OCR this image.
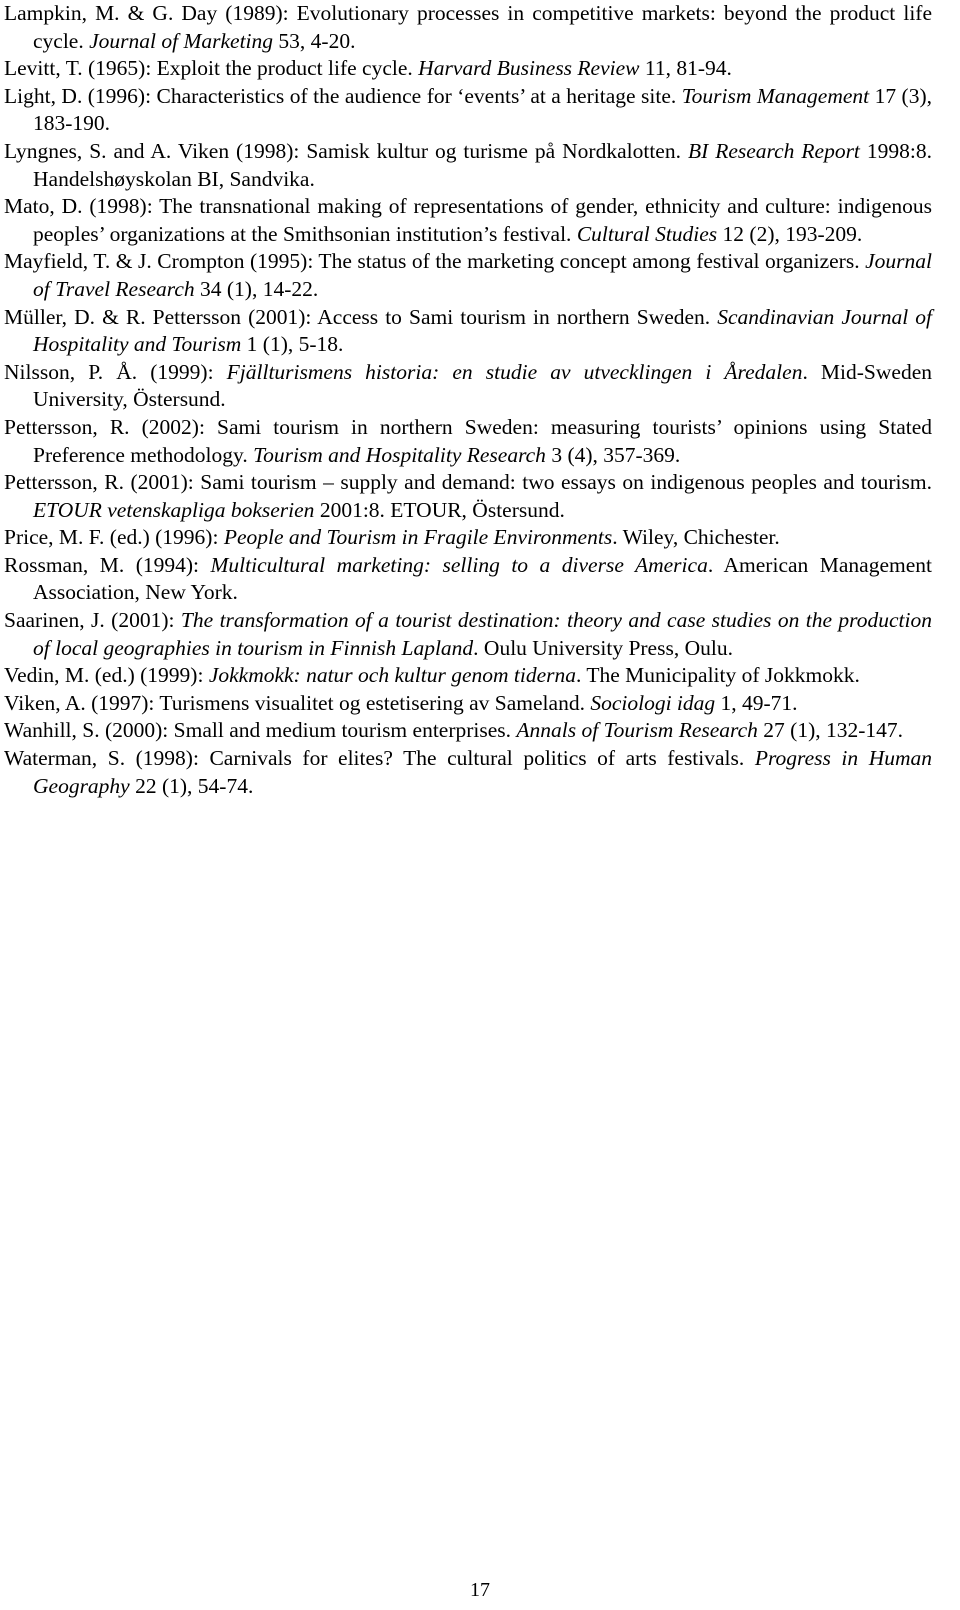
Lampkin, M. & G. Day (1989): Evolutionary processes in competitive markets: beyond the product life cycle. Journal of Marketing 53, 4-20.
Levitt, T. (1965): Exploit the product life cycle. Harvard Business Review 11, 81-94.
Light, D. (1996): Characteristics of the audience for ‘events’ at a heritage site. Tourism Management 17 (3), 183-190.
Lyngnes, S. and A. Viken (1998): Samisk kultur og turisme på Nordkalotten. BI Research Report 1998:8. Handelshøyskolan BI, Sandvika.
Mato, D. (1998): The transnational making of representations of gender, ethnicity and culture: indigenous peoples’ organizations at the Smithsonian institution’s festival. Cultural Studies 12 (2), 193-209.
Mayfield, T. & J. Crompton (1995): The status of the marketing concept among festival organizers. Journal of Travel Research 34 (1), 14-22.
Müller, D. & R. Pettersson (2001): Access to Sami tourism in northern Sweden. Scandinavian Journal of Hospitality and Tourism 1 (1), 5-18.
Nilsson, P. Å. (1999): Fjällturismens historia: en studie av utvecklingen i Åredalen. Mid-Sweden University, Östersund.
Pettersson, R. (2002): Sami tourism in northern Sweden: measuring tourists’ opinions using Stated Preference methodology. Tourism and Hospitality Research 3 (4), 357-369.
Pettersson, R. (2001): Sami tourism – supply and demand: two essays on indigenous peoples and tourism. ETOUR vetenskapliga bokserien 2001:8. ETOUR, Östersund.
Price, M. F. (ed.) (1996): People and Tourism in Fragile Environments. Wiley, Chichester.
Rossman, M. (1994): Multicultural marketing: selling to a diverse America. American Management Association, New York.
Saarinen, J. (2001): The transformation of a tourist destination: theory and case studies on the production of local geographies in tourism in Finnish Lapland. Oulu University Press, Oulu.
Vedin, M. (ed.) (1999): Jokkmokk: natur och kultur genom tiderna. The Municipality of Jokkmokk.
Viken, A. (1997): Turismens visualitet og estetisering av Sameland. Sociologi idag 1, 49-71.
Wanhill, S. (2000): Small and medium tourism enterprises. Annals of Tourism Research 27 (1), 132-147.
Waterman, S. (1998): Carnivals for elites? The cultural politics of arts festivals. Progress in Human Geography 22 (1), 54-74.
17
